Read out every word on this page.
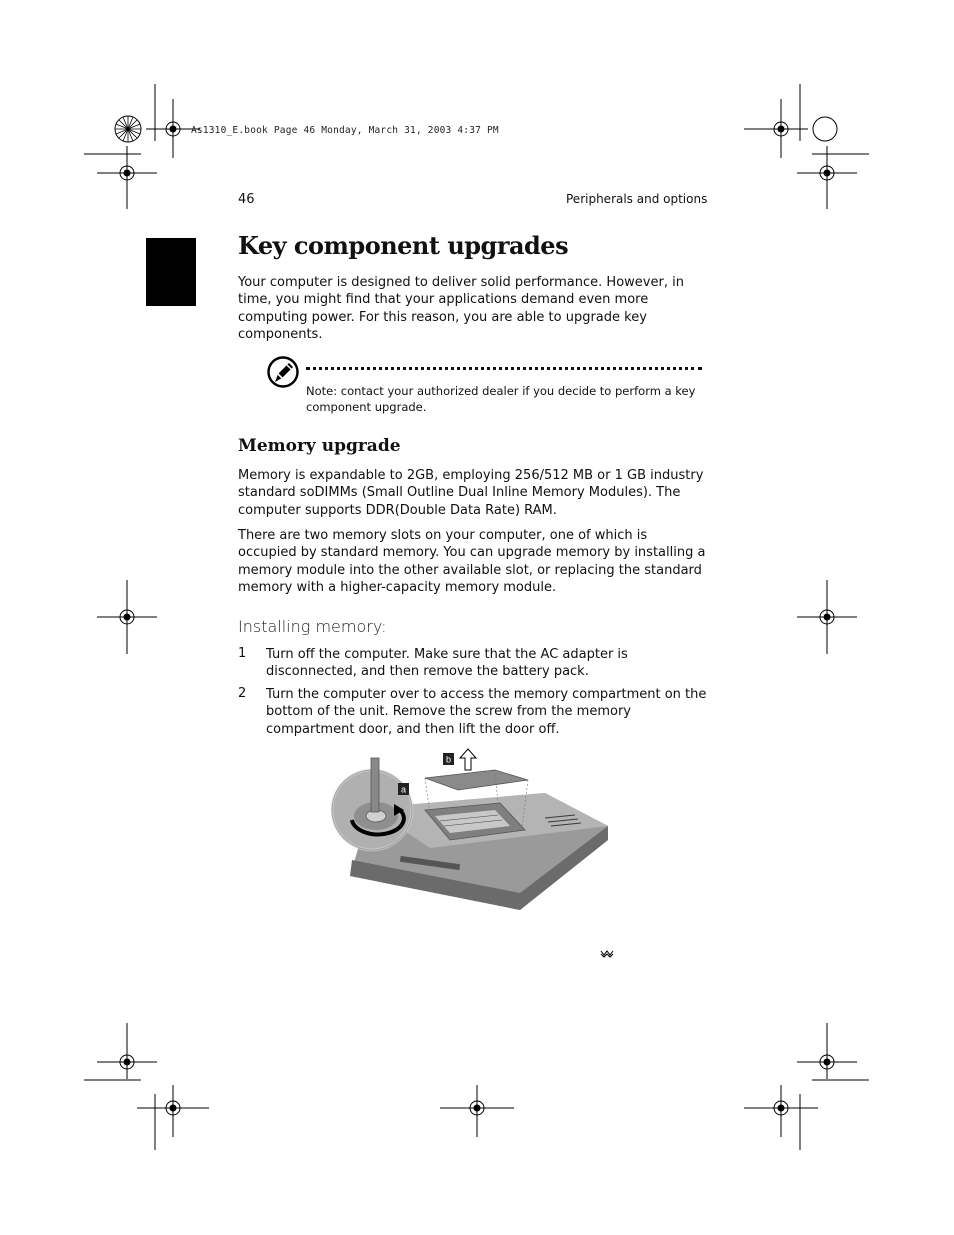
As1310_E.book Page 46 Monday, March 31, 2003 4:37 PM
46	Peripherals and options
Key component upgrades

Your computer is designed to deliver solid performance. However, in time, you might find that your applications demand even more computing power. For this reason, you are able to upgrade key components.

Note: contact your authorized dealer if you decide to perform a key component upgrade.

Memory upgrade

Memory is expandable to 2GB, employing 256/512 MB or 1 GB industry standard soDIMMs (Small Outline Dual Inline Memory Modules). The computer supports DDR(Double Data Rate) RAM.

There are two memory slots on your computer, one of which is occupied by standard memory. You can upgrade memory by installing a memory module into the other available slot, or replacing the standard memory with a higher-capacity memory module.

Installing memory:
1 Turn off the computer. Make sure that the AC adapter is disconnected, and then remove the battery pack.

2 Turn the computer over to access the memory compartment on the bottom of the unit. Remove the screw from the memory compartment door, and then lift the door off.

a
b
